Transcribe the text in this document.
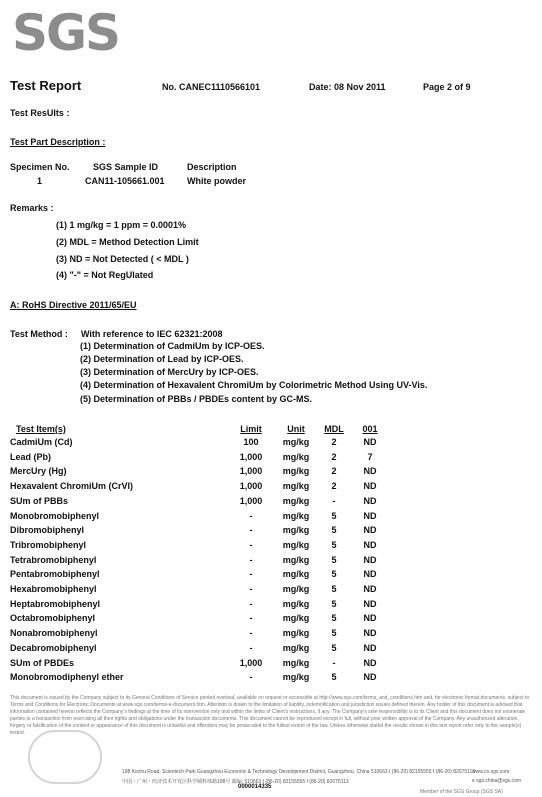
SGS
Test Report	No. CANEC1110566101	Date: 08 Nov 2011	Page 2 of 9
Test ResUlts :
Test Part Description :
Specimen No.	SGS Sample ID	Description
1	CAN11-105661.001 White powder
Remarks :
(1) 1 mg/kg = 1 ppm = 0.0001%
(2) MDL = Method Detection Limit
(3) ND = Not Detected ( < MDL )
(4) "-" = Not RegUlated
A: RoHS Directive 2011/65/EU
Test Method : With reference to IEC 62321:2008
(1) Determination of CadmiUm by ICP-OES.
(2) Determination of Lead by ICP-OES.
(3) Determination of MercUry by ICP-OES.
(4) Determination of Hexavalent ChromiUm by Colorimetric Method Using UV-Vis.
(5) Determination of PBBs / PBDEs content by GC-MS.
Test Item(s)	Limit	Unit	MDL	001
CadmiUm (Cd)	100	mg/kg	2	ND
Lead (Pb)	1,000	mg/kg	2	7
MercUry (Hg)	1,000	mg/kg	2	ND
Hexavalent ChromiUm (CrVI)	1,000	mg/kg	2	ND
SUm of PBBs	1,000	mg/kg	-	ND
Monobromobiphenyl	-	mg/kg	5	ND
Dibromobiphenyl	-	mg/kg	5	ND
Tribromobiphenyl	-	mg/kg	5	ND
Tetrabromobiphenyl	-	mg/kg	5	ND
Pentabromobiphenyl	-	mg/kg	5	ND
Hexabromobiphenyl	-	mg/kg	5	ND
Heptabromobiphenyl	-	mg/kg	5	ND
Octabromobiphenyl	-	mg/kg	5	ND
Nonabromobiphenyl	-	mg/kg	5	ND
Decabromobiphenyl	-	mg/kg	5	ND
SUm of PBDEs	1,000	mg/kg	-	ND
Monobromodiphenyl ether	-	mg/kg	5	ND
This document is issued by the Company subject to its General Conditions of Service printed overleaf, available on request or accessible at http://www.sgs.com/terms_and_conditions.htm and, for electronic format documents, subject to Terms and Conditions for Electronic Documents at www.sgs.com/terms-e-document.htm. Attention is drawn to the limitation of liability, indemnification and jurisdiction issues defined therein. Any holder of this document is advised that information contained hereon reflects the Company's findings at the time of its intervention only and within the limits of Client's instructions, if any. The Company's sole responsibility is to its Client and this document does not exonerate parties to a transaction from exercising all their rights and obligations under the transaction documents. This document cannot be reproduced except in full, without prior written approval of the Company. Any unauthorized alteration, forgery or falsification of the content or appearance of this document is unlawful and offenders may be prosecuted to the fullest extent of the law. Unless otherwise stated the results shown in this test report refer only to the sample(s) tested.
198 Kezhu Road, Scientech Park Guangzhou Economic & Technology Development District, Guangzhou, China 510663 t (86-20) 82155555 f (86-20) 82075113
中国・广州・经济技术开发区科学城科珠路198号 邮编: 510663 t (86-20) 82155555 f (86-20) 82075113
www.cn.sgs.com
e sgs.china@sgs.com
0000014335
Member of the SGS Group (SGS SA)
